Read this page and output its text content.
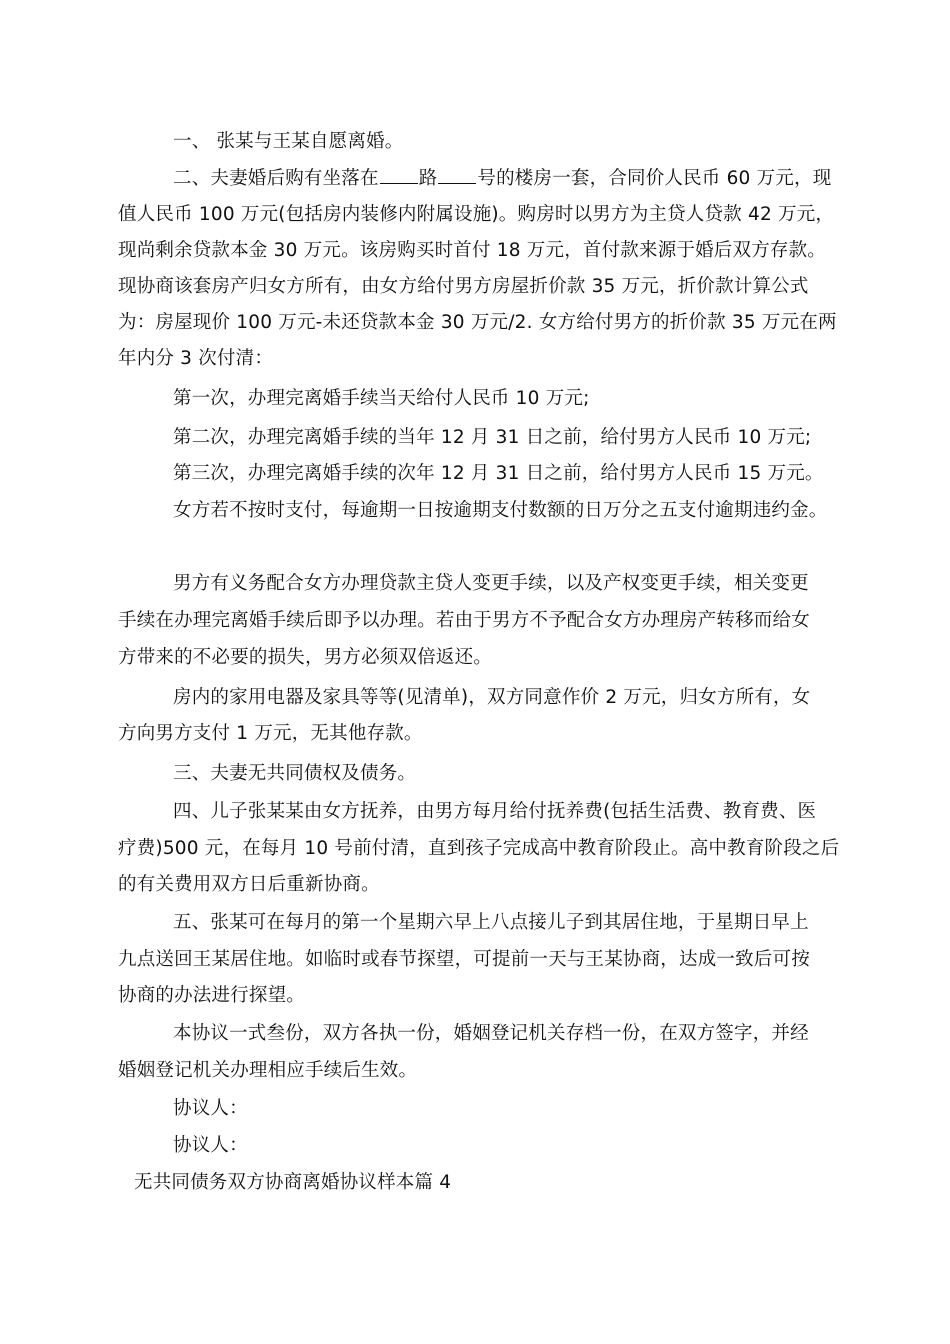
一、 张某与王某自愿离婚。
二、夫妻婚后购有坐落在 路 号的楼房一套，合同价人民币 60 万元，现
值人民币 100 万元(包括房内装修内附属设施)。购房时以男方为主贷人贷款 42 万元，
现尚剩余贷款本金 30 万元。该房购买时首付 18 万元，首付款来源于婚后双方存款。
现协商该套房产归女方所有，由女方给付男方房屋折价款 35 万元，折价款计算公式
为：房屋现价 100 万元-未还贷款本金 30 万元/2. 女方给付男方的折价款 35 万元在两
年内分 3 次付清：
第一次，办理完离婚手续当天给付人民币 10 万元;
第二次，办理完离婚手续的当年 12 月 31 日之前，给付男方人民币 10 万元;
第三次，办理完离婚手续的次年 12 月 31 日之前，给付男方人民币 15 万元。
女方若不按时支付，每逾期一日按逾期支付数额的日万分之五支付逾期违约金。
男方有义务配合女方办理贷款主贷人变更手续，以及产权变更手续，相关变更
手续在办理完离婚手续后即予以办理。若由于男方不予配合女方办理房产转移而给女
方带来的不必要的损失，男方必须双倍返还。
房内的家用电器及家具等等(见清单)，双方同意作价 2 万元，归女方所有，女
方向男方支付 1 万元，无其他存款。
三、夫妻无共同债权及债务。
四、儿子张某某由女方抚养，由男方每月给付抚养费(包括生活费、教育费、医
疗费)500 元，在每月 10 号前付清，直到孩子完成高中教育阶段止。高中教育阶段之后
的有关费用双方日后重新协商。
五、张某可在每月的第一个星期六早上八点接儿子到其居住地，于星期日早上
九点送回王某居住地。如临时或春节探望，可提前一天与王某协商，达成一致后可按
协商的办法进行探望。
本协议一式叁份，双方各执一份，婚姻登记机关存档一份，在双方签字，并经
婚姻登记机关办理相应手续后生效。
协议人：
协议人：
无共同债务双方协商离婚协议样本篇 4
